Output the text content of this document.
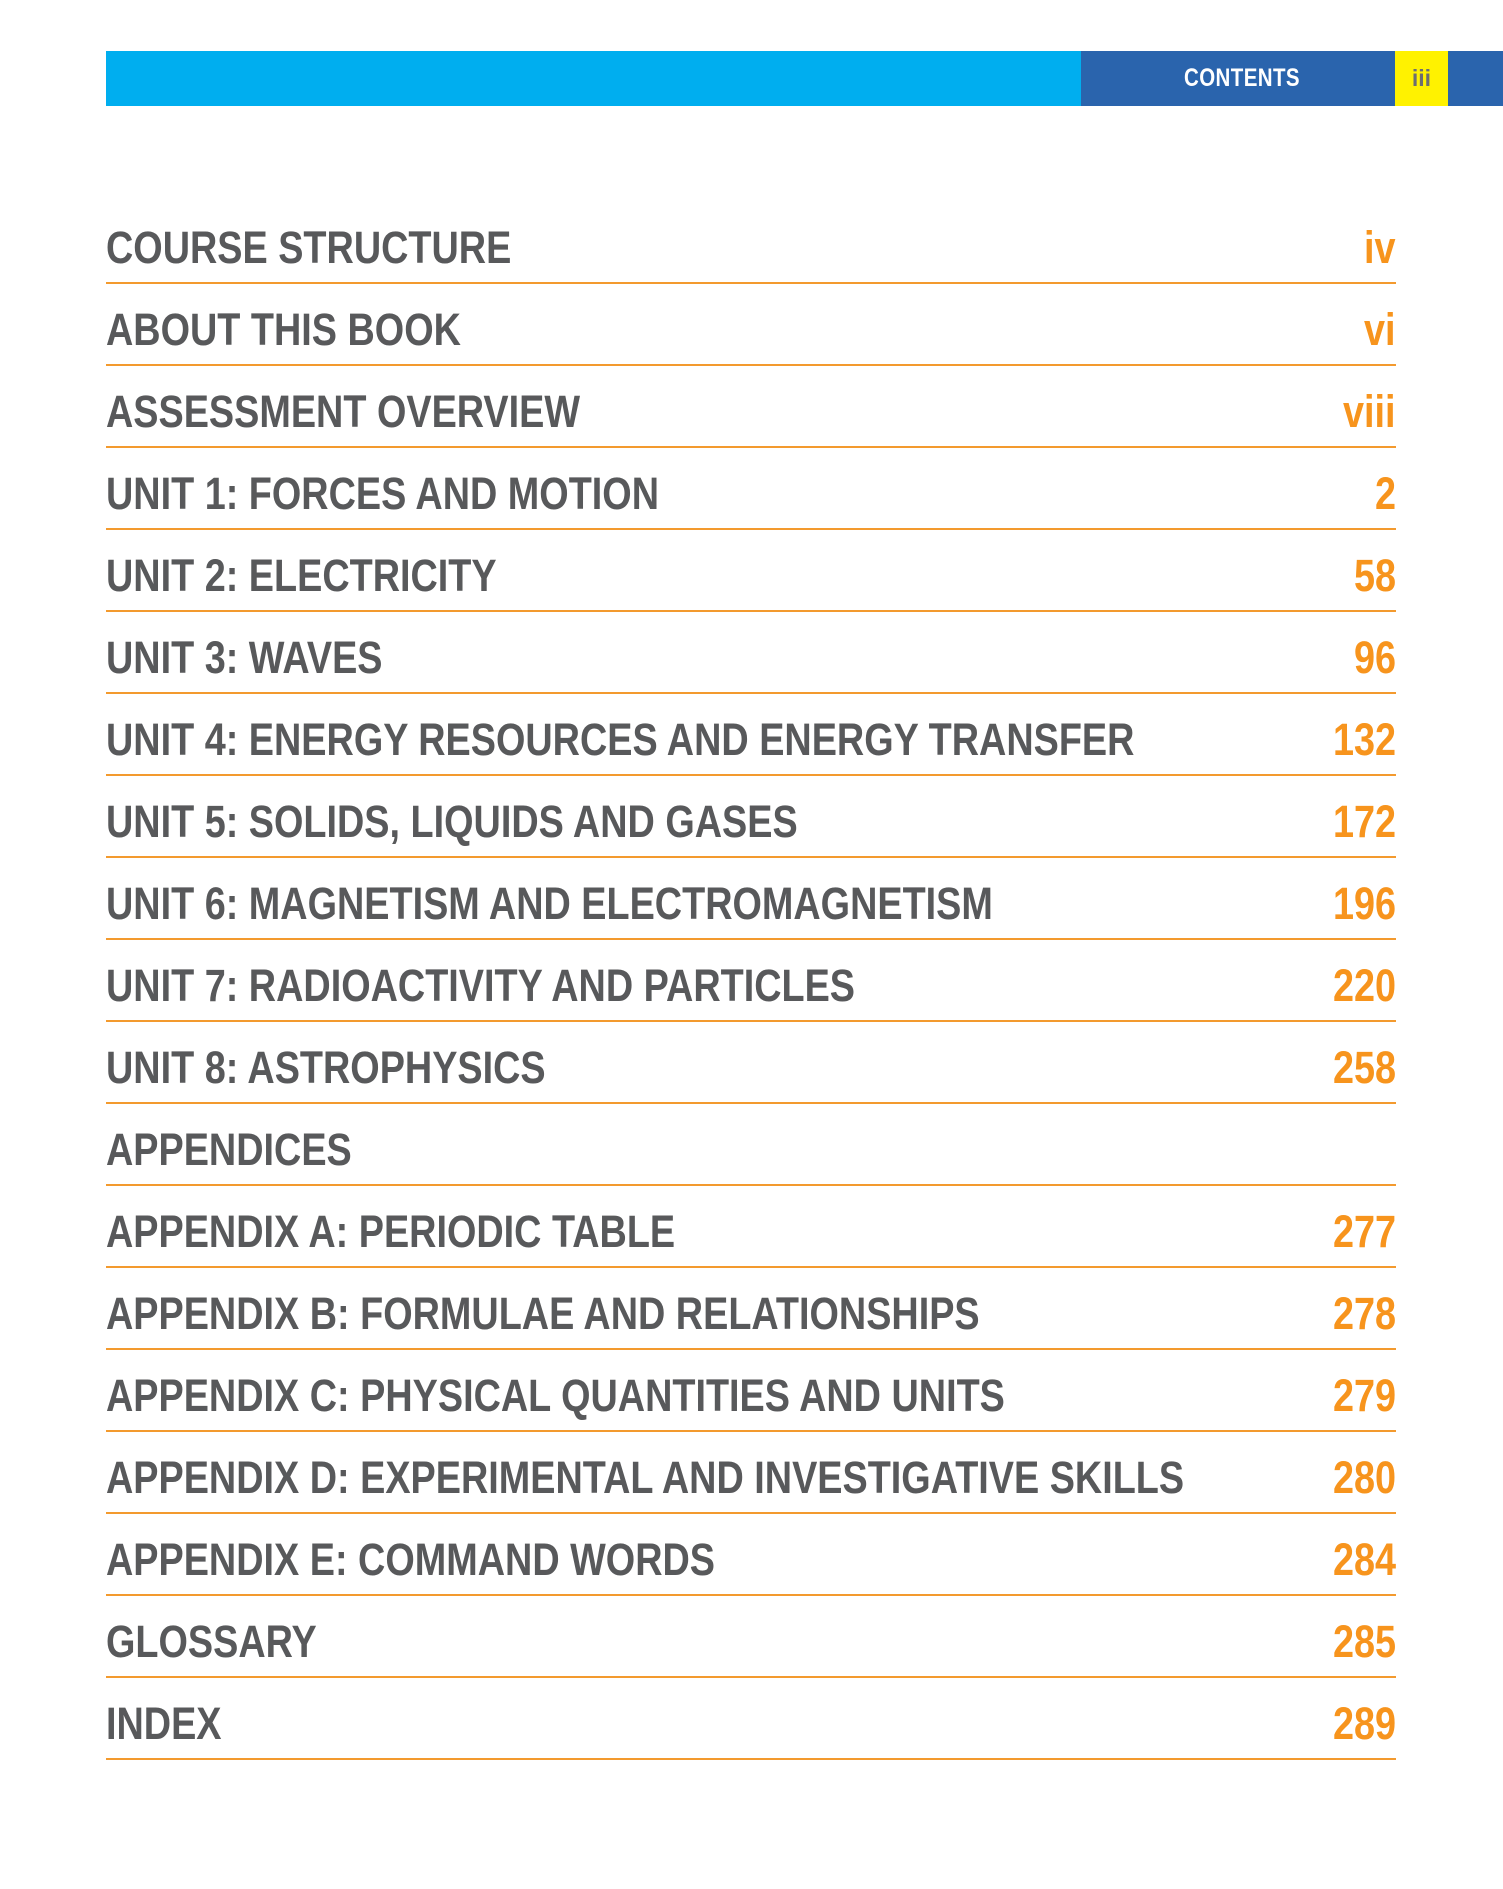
CONTENTS	iii
COURSE STRUCTURE	iv
ABOUT THIS BOOK	vi
ASSESSMENT OVERVIEW	viii
UNIT 1: FORCES AND MOTION	2
UNIT 2: ELECTRICITY	58
UNIT 3: WAVES	96
UNIT 4: ENERGY RESOURCES AND ENERGY TRANSFER	132
UNIT 5: SOLIDS, LIQUIDS AND GASES	172
UNIT 6: MAGNETISM AND ELECTROMAGNETISM	196
UNIT 7: RADIOACTIVITY AND PARTICLES	220
UNIT 8: ASTROPHYSICS	258
APPENDICES
APPENDIX A: PERIODIC TABLE	277
APPENDIX B: FORMULAE AND RELATIONSHIPS	278
APPENDIX C: PHYSICAL QUANTITIES AND UNITS	279
APPENDIX D: EXPERIMENTAL AND INVESTIGATIVE SKILLS	280
APPENDIX E: COMMAND WORDS	284
GLOSSARY	285
INDEX	289
